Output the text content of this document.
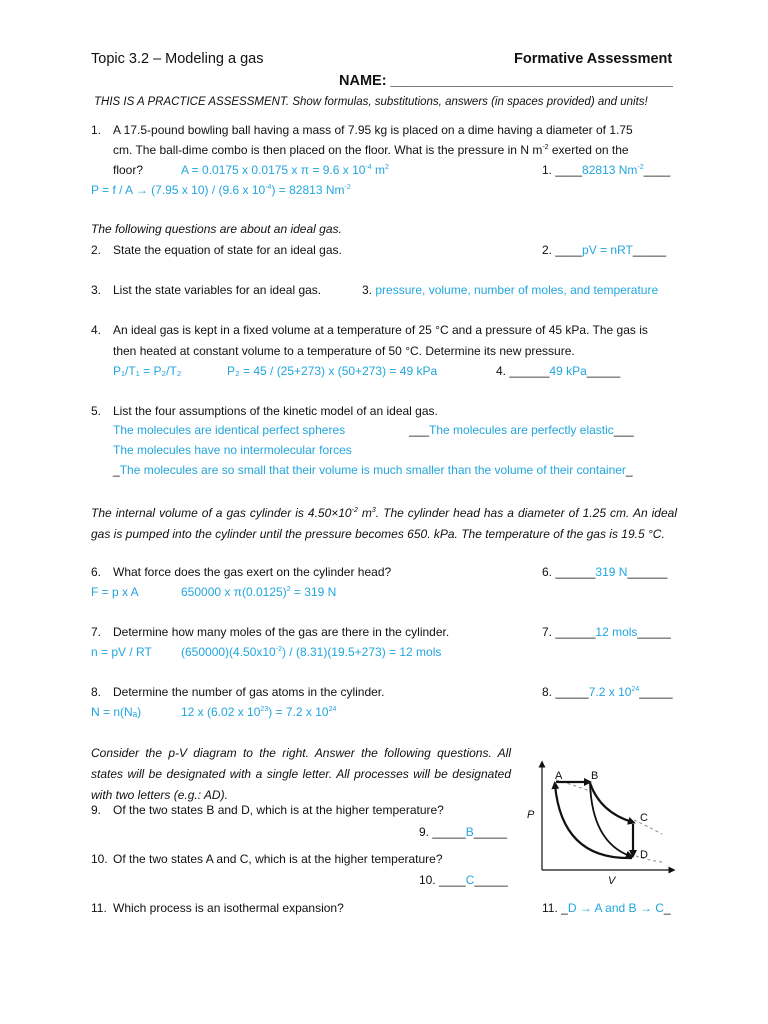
Topic 3.2 – Modeling a gas	Formative Assessment
NAME: ___________________________________
THIS IS A PRACTICE ASSESSMENT. Show formulas, substitutions, answers (in spaces provided) and units!
1. A 17.5-pound bowling ball having a mass of 7.95 kg is placed on a dime having a diameter of 1.75
cm. The ball-dime combo is then placed on the floor. What is the pressure in N $m^{-2}$ exerted on the
floor?	A = 0.0175 x 0.0175 x π = 9.6 x $10^{-4}$ $m^2$	1. ____82813 $Nm^{-2}\_\_\_\_$
P = f / A → (7.95 x 10) / (9.6 x $10^{-4}) = 82813$ $Nm^{-2}$
The following questions are about an ideal gas.
2. State the equation of state for an ideal gas.	2. ____pV = nRT_____
3. List the state variables for an ideal gas.	3. pressure, volume, number of moles, and temperature
4. An ideal gas is kept in a fixed volume at a temperature of 25 °C and a pressure of 45 kPa. The gas is
then heated at constant volume to a temperature of 50 °C. Determine its new pressure.
P₁/T₁ = P₂/T₂	P₂ = 45 / (25+273) x (50+273) = 49 kPa	4. ______49 kPa_____
5. List the four assumptions of the kinetic model of an ideal gas.
The molecules are identical perfect spheres	___The molecules are perfectly elastic___
The molecules have no intermolecular forces
_The molecules are so small that their volume is much smaller than the volume of their container_
The internal volume of a gas cylinder is $4.50\times 10^{-2}$ $m^3$. The cylinder head has a diameter of 1.25 cm. An ideal gas is pumped into the cylinder until the pressure becomes 650. kPa. The temperature of the gas is 19.5 °C.
6. What force does the gas exert on the cylinder head?	6. ______319 N______
F = p x A	650000 x $\pi(0.0125)^2 = 319$ N
7. Determine how many moles of the gas are there in the cylinder.	7. ______12 mols_____
n = pV / RT $(650000)(4.50x10^{-2}) / (8.31)(19.5+273) = 12$ mols
8. Determine the number of gas atoms in the cylinder.	8. _____7.2 x $10^{24}\_\_\_\_\_$
N = n(Nₐ)	12 x (6.02 x $10^{23}) = 7.2$ x $10^{24}$
Consider the p-V diagram to the right. Answer the following questions. All states will be designated with a single letter. All processes will be designated with two letters (e.g.: AD).
9. Of the two states B and D, which is at the higher temperature?
9. _____B_____
10. Of the two states A and C, which is at the higher temperature?
10. ____C_____
11. Which process is an isothermal expansion?	11. _D → A and B → C_
A	B
C
D
P
V
